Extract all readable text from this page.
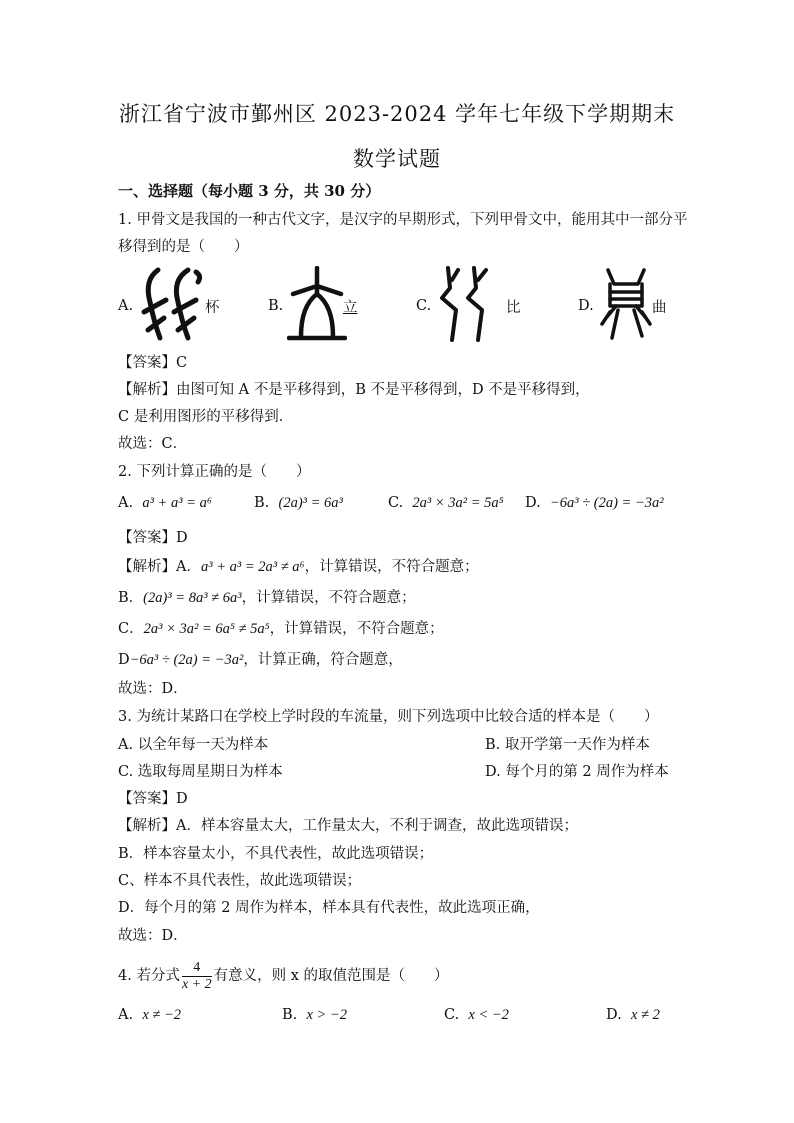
浙江省宁波市鄞州区 2023-2024 学年七年级下学期期末
数学试题
一、选择题（每小题 3 分，共 30 分）
1. 甲骨文是我国的一种古代文字，是汉字的早期形式，下列甲骨文中，能用其中一部分平
移得到的是（　　）
A.	杯	B.	立	C.	比	D.	曲
【答案】C
【解析】由图可知 A 不是平移得到，B 不是平移得到，D 不是平移得到，
C 是利用图形的平移得到．
故选：C．
2. 下列计算正确的是（　　）
A. a³ + a³ = a⁶	B. (2a)³ = 6a³	C. 2a³ × 3a² = 5a⁵ D. −6a³ ÷ (2a) = −3a²
【答案】D
【解析】A．a³ + a³ = 2a³ ≠ a⁶，计算错误，不符合题意；
B．(2a)³ = 8a³ ≠ 6a³，计算错误，不符合题意；
C．2a³ × 3a² = 6a⁵ ≠ 5a⁵，计算错误，不符合题意；
D−6a³ ÷ (2a) = −3a²，计算正确，符合题意，
故选：D．
3. 为统计某路口在学校上学时段的车流量，则下列选项中比较合适的样本是（　　）
A. 以全年每一天为样本	B. 取开学第一天作为样本
C. 选取每周星期日为样本	D. 每个月的第 2 周作为样本
【答案】D
【解析】A．样本容量太大，工作量太大，不利于调查，故此选项错误；
B．样本容量太小，不具代表性，故此选项错误；
C、样本不具代表性，故此选项错误；
D．每个月的第 2 周作为样本，样本具有代表性，故此选项正确，
故选：D．
4. 若分式 $\frac{4}{x + 2}$ 有意义，则 x 的取值范围是（　　）
A. x ≠ −2	B. x > −2	C. x < −2	D. x ≠ 2
